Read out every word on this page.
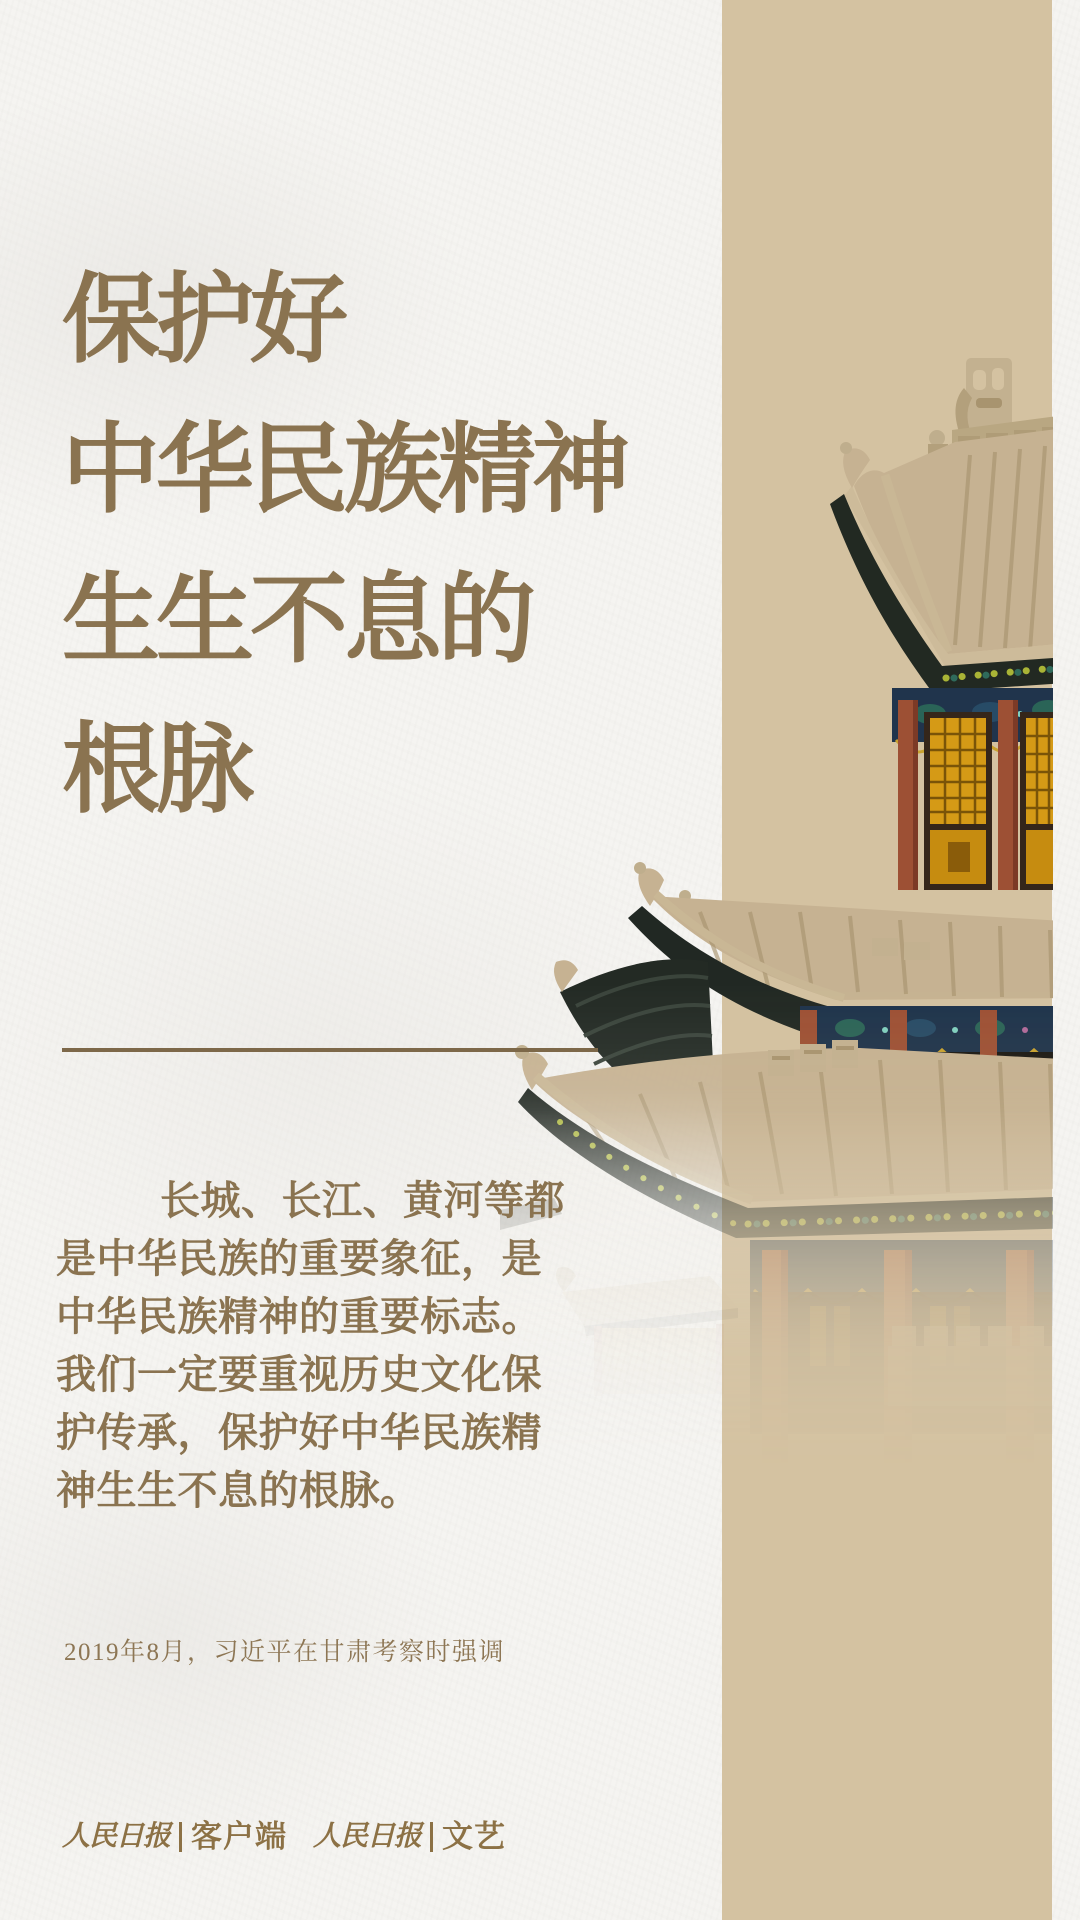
保护好
中华民族精神
生生不息的
根脉
长城、长江、黄河等都
是中华民族的重要象征，是
中华民族精神的重要标志。
我们一定要重视历史文化保
护传承，保护好中华民族精
神生生不息的根脉。
2019年8月，习近平在甘肃考察时强调
人民日报 客户端 人民日报 文艺
